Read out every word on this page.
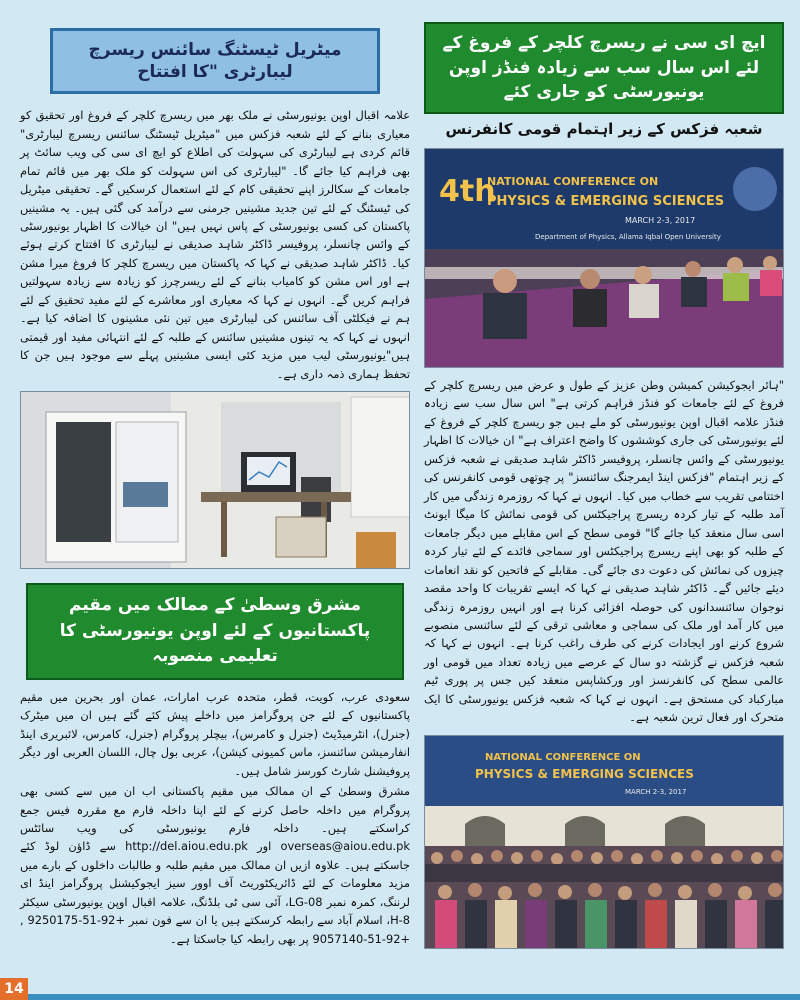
میٹریل ٹیسٹنگ سائنس ریسرچ لیبارٹری "کا افتتاح

علامہ اقبال اوپن یونیورسٹی نے ملک بھر میں ریسرچ کلچر کے فروغ اور تحقیق کو معیاری بنانے کے لئے شعبہ فزکس میں "میٹریل ٹیسٹنگ سائنس ریسرچ لیبارٹری" قائم کردی ہے لیبارٹری کی سہولت کی اطلاع کو ایچ ای سی کی ویب سائٹ پر بھی فراہم کیا جائے گا۔ "لیبارٹری کی اس سہولت کو ملک بھر میں قائم تمام جامعات کے سکالرز اپنے تحقیقی کام کے لئے استعمال کرسکیں گے۔ تحقیقی میٹریل کی ٹیسٹنگ کے لئے تین جدید مشینیں جرمنی سے درآمد کی گئی ہیں۔ یہ مشینیں پاکستان کی کسی یونیورسٹی کے پاس نہیں ہیں" ان خیالات کا اظہار یونیورسٹی کے وائس چانسلر، پروفیسر ڈاکٹر شاہد صدیقی نے لیبارٹری کا افتتاح کرتے ہوئے کیا۔ ڈاکٹر شاہد صدیقی نے کہا کہ پاکستان میں ریسرچ کلچر کا فروغ میرا مشن ہے اور اس مشن کو کامیاب بنانے کے لئے ریسرچرز کو زیادہ سے زیادہ سہولتیں فراہم کریں گے۔ انہوں نے کہا کہ معیاری اور معاشرے کے لئے مفید تحقیق کے لئے ہم نے فیکلٹی آف سائنس کی لیبارٹری میں تین نئی مشینوں کا اضافہ کیا ہے۔ انہوں نے کہا کہ یہ تینوں مشینیں سائنس کے طلبہ کے لئے انتہائی مفید اور قیمتی ہیں"یونیورسٹی لیب میں مزید کئی ایسی مشینیں پہلے سے موجود ہیں جن کا تحفظ ہماری ذمہ داری ہے۔

مشرق وسطیٰ کے ممالک میں مقیم پاکستانیوں کے لئے اوپن یونیورسٹی کا تعلیمی منصوبہ

سعودی عرب، کویت، قطر، متحدہ عرب امارات، عمان اور بحرین میں مقیم پاکستانیوں کے لئے جن پروگرامز میں داخلے پیش کئے گئے ہیں ان میں میٹرک (جنرل)، انٹرمیڈیٹ (جنرل و کامرس)، بیچلر پروگرام (جنرل، کامرس، لائبریری اینڈ انفارمیشن سائنسز، ماس کمیونی کیشن)، عربی بول چال، اللسان العربی اور دیگر پروفیشنل شارٹ کورسز شامل ہیں۔

مشرق وسطیٰ کے ان ممالک میں مقیم پاکستانی اب ان میں سے کسی بھی پروگرام میں داخلہ حاصل کرنے کے لئے اپنا داخلہ فارم مع مقررہ فیس جمع کراسکتے ہیں۔ داخلہ فارم یونیورسٹی کی ویب سائٹس overseas@aiou.edu.pk اور http://del.aiou.edu.pk سے ڈاؤن لوڈ کئے جاسکتے ہیں۔ علاوہ ازیں ان ممالک میں مقیم طلبہ و طالبات داخلوں کے بارے میں مزید معلومات کے لئے ڈائریکٹوریٹ آف اوور سیز ایجوکیشنل پروگرامز اینڈ ای لرننگ، کمرہ نمبر LG-08، آئی سی ٹی بلڈنگ، علامہ اقبال اوپن یونیورسٹی سیکٹر H-8، اسلام آباد سے رابطہ کرسکتے ہیں یا ان سے فون نمبر +92-51-9250175 , +92-51-9057140 پر بھی رابطہ کیا جاسکتا ہے۔

ایچ ای سی نے ریسرچ کلچر کے فروغ کے لئے اس سال سب سے زیادہ فنڈز اوپن یونیورسٹی کو جاری کئے
شعبہ فزکس کے زیر اہتمام قومی کانفرنس
4th
NATIONAL CONFERENCE ON
PHYSICS & EMERGING SCIENCES
MARCH 2-3, 2017
Department of Physics, Allama Iqbal Open University

"ہائر ایجوکیشن کمیشن وطن عزیز کے طول و عرض میں ریسرچ کلچر کے فروغ کے لئے جامعات کو فنڈز فراہم کرتی ہے" اس سال سب سے زیادہ فنڈز علامہ اقبال اوپن یونیورسٹی کو ملے ہیں جو ریسرچ کلچر کے فروغ کے لئے یونیورسٹی کی جاری کوششوں کا واضح اعتراف ہے" ان خیالات کا اظہار یونیورسٹی کے وائس چانسلر، پروفیسر ڈاکٹر شاہد صدیقی نے شعبہ فزکس کے زیر اہتمام "فزکس اینڈ ایمرجنگ سائنسز" پر چوتھی قومی کانفرنس کی اختتامی تقریب سے خطاب میں کیا۔ انہوں نے کہا کہ روزمرہ زندگی میں کار آمد طلبہ کے تیار کردہ ریسرچ پراجیکٹس کی قومی نمائش کا میگا ایونٹ اسی سال منعقد کیا جائے گا" قومی سطح کے اس مقابلے میں دیگر جامعات کے طلبہ کو بھی اپنے ریسرچ پراجیکٹس اور سماجی فائدے کے لئے تیار کردہ چیزوں کی نمائش کی دعوت دی جائے گی۔ مقابلے کے فاتحین کو نقد انعامات دیئے جائیں گے۔ ڈاکٹر شاہد صدیقی نے کہا کہ ایسے تقریبات کا واحد مقصد نوجوان سائنسدانوں کی حوصلہ افزائی کرنا ہے اور انہیں روزمرہ زندگی میں کار آمد اور ملک کی سماجی و معاشی ترقی کے لئے سائنسی منصوبے شروع کرنے اور ایجادات کرنے کی طرف راغب کرنا ہے۔ انہوں نے کہا کہ شعبہ فزکس نے گزشتہ دو سال کے عرصے میں زیادہ تعداد میں قومی اور عالمی سطح کی کانفرنسز اور ورکشاپس منعقد کیں جس پر پوری ٹیم مبارکباد کی مستحق ہے۔ انہوں نے کہا کہ شعبہ فزکس یونیورسٹی کا ایک متحرک اور فعال ترین شعبہ ہے۔

NATIONAL CONFERENCE ON
PHYSICS & EMERGING SCIENCES
MARCH 2-3, 2017
14
